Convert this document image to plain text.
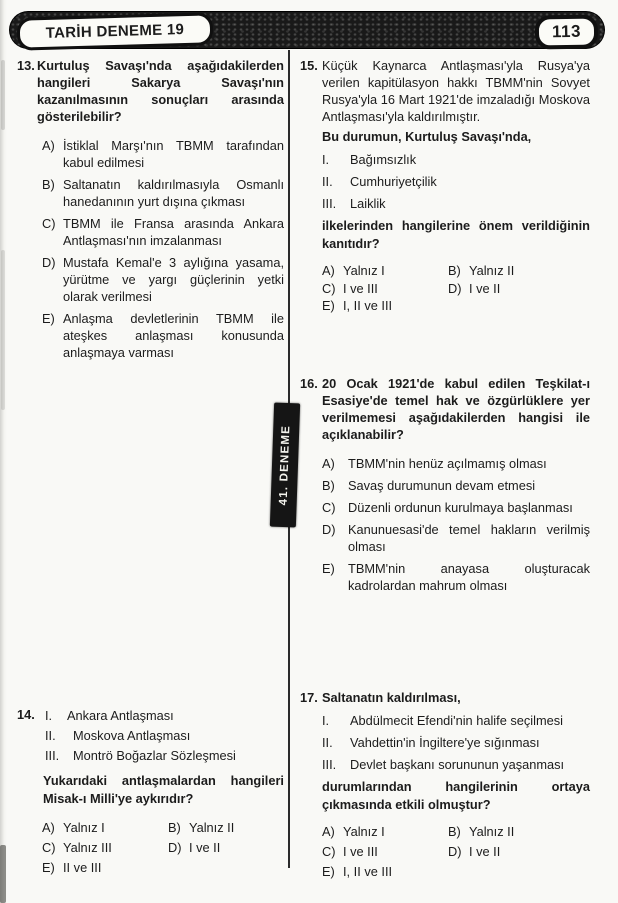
TARİH DENEME 19	113
41. DENEME
13. Kurtuluş Savaşı'nda aşağıdakilerden hangileri Sakarya Savaşı'nın kazanılmasının sonuçları arasında gösterilebilir?
A) İstiklal Marşı'nın TBMM tarafından kabul edilmesi
B) Saltanatın kaldırılmasıyla Osmanlı hanedanının yurt dışına çıkması
C) TBMM ile Fransa arasında Ankara Antlaşması'nın imzalanması
D) Mustafa Kemal'e 3 aylığına yasama, yürütme ve yargı güçlerinin yetki olarak verilmesi
E) Anlaşma devletlerinin TBMM ile ateşkes anlaşması konusunda anlaşmaya varması
14. I.	Ankara Antlaşması
II.	Moskova Antlaşması
III.	Montrö Boğazlar Sözleşmesi
Yukarıdaki antlaşmalardan hangileri Misak-ı Milli'ye aykırıdır?
A) Yalnız I	B) Yalnız II
C) Yalnız III	D) I ve II
E) II ve III
15. Küçük Kaynarca Antlaşması'yla Rusya'ya verilen kapitülasyon hakkı TBMM'nin Sovyet Rusya'yla 16 Mart 1921'de imzaladığı Moskova Antlaşması'yla kaldırılmıştır.
Bu durumun, Kurtuluş Savaşı'nda,
I.	Bağımsızlık
II.	Cumhuriyetçilik
III.	Laiklik
ilkelerinden hangilerine önem verildiğinin kanıtıdır?
A) Yalnız I	B) Yalnız II
C) I ve III	D) I ve II
E) I, II ve III
16. 20 Ocak 1921'de kabul edilen Teşkilat-ı Esasiye'de temel hak ve özgürlüklere yer verilmemesi aşağıdakilerden hangisi ile açıklanabilir?
A)	TBMM'nin henüz açılmamış olması
B)	Savaş durumunun devam etmesi
C) Düzenli ordunun kurulmaya başlanması
D) Kanunuesasi'de temel hakların verilmiş olması
E)	TBMM'nin anayasa oluşturacak kadrolardan mahrum olması
17. Saltanatın kaldırılması,
I.	Abdülmecit Efendi'nin halife seçilmesi
II.	Vahdettin'in İngiltere'ye sığınması
III.	Devlet başkanı sorununun yaşanması
durumlarından hangilerinin ortaya çıkmasında etkili olmuştur?
A) Yalnız I	B) Yalnız II
C) I ve III	D) I ve II
E) I, II ve III
